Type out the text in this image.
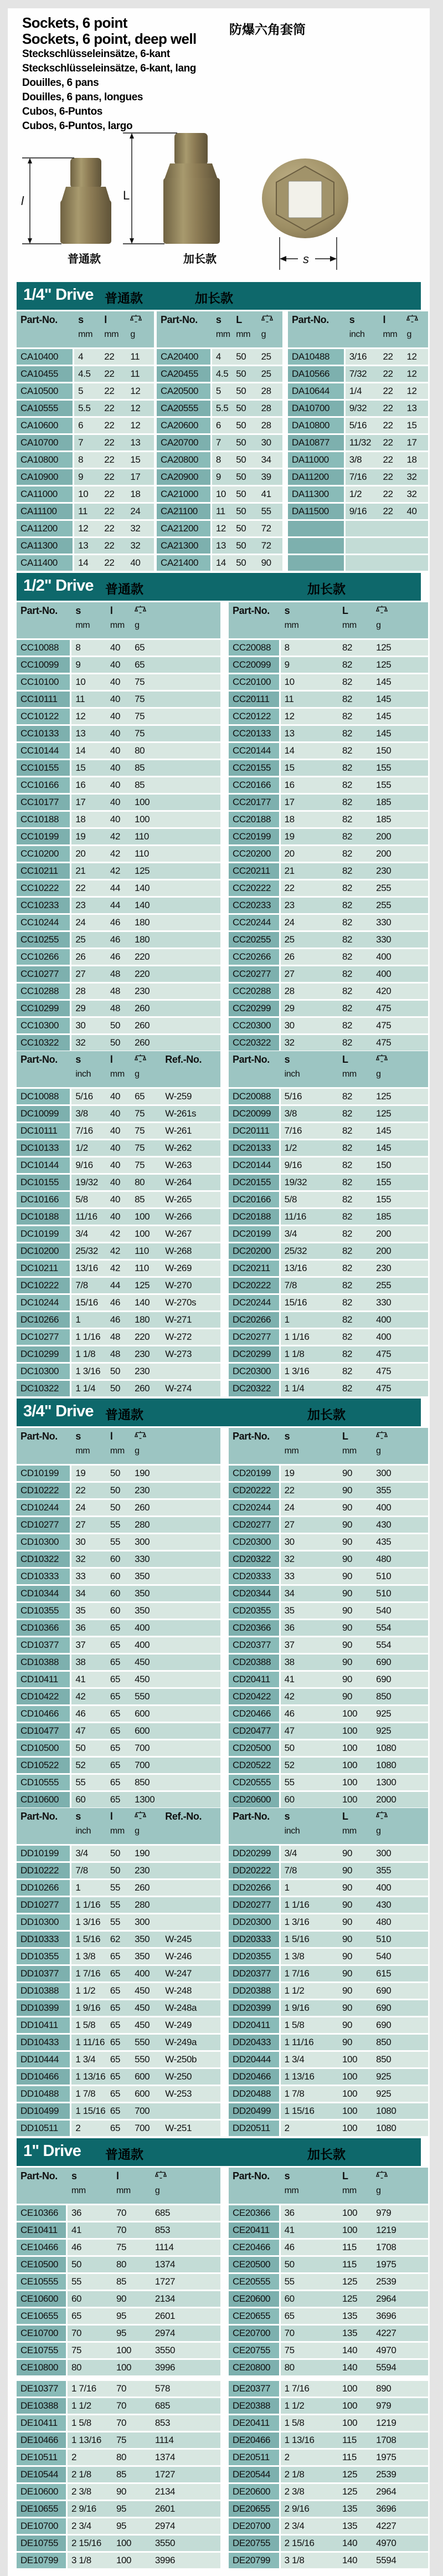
Sockets, 6 point
Sockets, 6 point, deep well
Steckschlüsseleinsätze, 6-kant
Steckschlüsseleinsätze, 6-kant, lang
Douilles, 6 pans
Douilles, 6 pans, longues
Cubos, 6-Puntos
Cubos, 6-Puntos, largo
防爆六角套筒
l	L
s
普通款	加长款
1/4" Drive 普通款	加长款
Part-No.	s
mm

l
mm	g

CA10400	4	22	11
CA10455	4.5	22	11
CA10500	5	22	12
CA10555	5.5	22	12
CA10600	6	22	12
CA10700	7	22	13
CA10800	8	22	15
CA10900	9	22	17
CA11000	10	22	18
CA11100	11	22	24
CA11200	12	22	32
CA11300	13	22	32
CA11400	14	22	40
Part-No.	s
mm

L
mm	g

CA20400	4	50	25
CA20455	4.5	50	25
CA20500	5	50	28
CA20555	5.5	50	28
CA20600	6	50	28
CA20700	7	50	30
CA20800	8	50	34
CA20900	9	50	39
CA21000	10	50	41
CA21100	11	50	55
CA21200	12	50	72
CA21300	13	50	72
CA21400	14	50	90
Part-No.	s
inch

l
mm	g

DA10488	3/16	22	12
DA10566	7/32	22	12
DA10644	1/4	22	12
DA10700	9/32	22	13
DA10800	5/16	22	15
DA10877	11/32	22	17
DA11000	3/8	22	18
DA11200	7/16	22	32
DA11300	1/2	22	32
DA11500	9/16	22	40

1/2" Drive 普通款	加长款
Part-No.	s
mm

l
mm	g

CC10088	8	40	65
CC10099	9	40	65
CC10100	10	40	75
CC10111	11	40	75
CC10122	12	40	75
CC10133	13	40	75
CC10144	14	40	80
CC10155	15	40	85
CC10166	16	40	85
CC10177	17	40	100
CC10188	18	40	100
CC10199	19	42	110
CC10200	20	42	110
CC10211	21	42	125
CC10222	22	44	140
CC10233	23	44	140
CC10244	24	46	180
CC10255	25	46	180
CC10266	26	46	220
CC10277	27	48	220
CC10288	28	48	230
CC10299	29	48	260
CC10300	30	50	260
CC10322	32	50	260
Part-No.	s
mm

L
mm	g

CC20088	8	82	125
CC20099	9	82	125
CC20100	10	82	145
CC20111	11	82	145
CC20122	12	82	145
CC20133	13	82	145
CC20144	14	82	150
CC20155	15	82	155
CC20166	16	82	155
CC20177	17	82	185
CC20188	18	82	185
CC20199	19	82	200
CC20200	20	82	200
CC20211	21	82	230
CC20222	22	82	255
CC20233	23	82	255
CC20244	24	82	330
CC20255	25	82	330
CC20266	26	82	400
CC20277	27	82	400
CC20288	28	82	420
CC20299	29	82	475
CC20300	30	82	475
CC20322	32	82	475
Part-No.	s
inch

l
mm	g

Ref.-No.

DC10088	5/16	40	65	W-259
DC10099	3/8	40	75	W-261s
DC10111	7/16	40	75	W-261
DC10133	1/2	40	75	W-262
DC10144	9/16	40	75	W-263
DC10155	19/32	40	80	W-264
DC10166	5/8	40	85	W-265
DC10188	11/16	40	100	W-266
DC10199	3/4	42	100	W-267
DC10200	25/32	42	110	W-268
DC10211	13/16	42	110	W-269
DC10222	7/8	44	125	W-270
DC10244	15/16	46	140	W-270s
DC10266	1	46	180	W-271
DC10277	1 1/16	48	220	W-272
DC10299	1 1/8	48	230	W-273
DC10300	1 3/16	50	230	
DC10322	1 1/4	50	260	W-274
Part-No.	s
inch

L
mm	g

DC20088	5/16	82	125
DC20099	3/8	82	125
DC20111	7/16	82	145
DC20133	1/2	82	145
DC20144	9/16	82	150
DC20155	19/32	82	155
DC20166	5/8	82	155
DC20188	11/16	82	185
DC20199	3/4	82	200
DC20200	25/32	82	200
DC20211	13/16	82	230
DC20222	7/8	82	255
DC20244	15/16	82	330
DC20266	1	82	400
DC20277	1 1/16	82	400
DC20299	1 1/8	82	475
DC20300	1 3/16	82	475
DC20322	1 1/4	82	475
3/4" Drive 普通款	加长款
Part-No.	s
mm

l
mm	g

CD10199	19	50	190
CD10222	22	50	230
CD10244	24	50	260
CD10277	27	55	280
CD10300	30	55	300
CD10322	32	60	330
CD10333	33	60	350
CD10344	34	60	350
CD10355	35	60	350
CD10366	36	65	400
CD10377	37	65	400
CD10388	38	65	450
CD10411	41	65	450
CD10422	42	65	550
CD10466	46	65	600
CD10477	47	65	600
CD10500	50	65	700
CD10522	52	65	700
CD10555	55	65	850
CD10600	60	65	1300
Part-No.	s
mm

L
mm	g

CD20199	19	90	300
CD20222	22	90	355
CD20244	24	90	400
CD20277	27	90	430
CD20300	30	90	435
CD20322	32	90	480
CD20333	33	90	510
CD20344	34	90	510
CD20355	35	90	540
CD20366	36	90	554
CD20377	37	90	554
CD20388	38	90	690
CD20411	41	90	690
CD20422	42	90	850
CD20466	46	100	925
CD20477	47	100	925
CD20500	50	100	1080
CD20522	52	100	1080
CD20555	55	100	1300
CD20600	60	100	2000
Part-No.	s
inch

l
mm	g

Ref.-No.

DD10199	3/4	50	190	
DD10222	7/8	50	230	
DD10266	1	55	260	
DD10277	1 1/16	55	280	
DD10300	1 3/16	55	300	
DD10333	1 5/16	62	350	W-245
DD10355	1 3/8	65	350	W-246
DD10377	1 7/16	65	400	W-247
DD10388	1 1/2	65	450	W-248
DD10399	1 9/16	65	450	W-248a
DD10411	1 5/8	65	450	W-249
DD10433	1 11/16	65	550	W-249a
DD10444	1 3/4	65	550	W-250b
DD10466	1 13/16	65	600	W-250
DD10488	1 7/8	65	600	W-253
DD10499	1 15/16	65	700	
DD10511	2	65	700	W-251
Part-No.	s
inch

L
mm	g

DD20299	3/4	90	300
DD20222	7/8	90	355
DD20266	1	90	400
DD20277	1 1/16	90	430
DD20300	1 3/16	90	480
DD20333	1 5/16	90	510
DD20355	1 3/8	90	540
DD20377	1 7/16	90	615
DD20388	1 1/2	90	690
DD20399	1 9/16	90	690
DD20411	1 5/8	90	690
DD20433	1 11/16	90	850
DD20444	1 3/4	100	850
DD20466	1 13/16	100	925
DD20488	1 7/8	100	925
DD20499	1 15/16	100	1080
DD20511	2	100	1080
1" Drive 普通款	加长款
Part-No.	s
mm

l
mm	g

CE10366	36	70	685
CE10411	41	70	853
CE10466	46	75	1114
CE10500	50	80	1374
CE10555	55	85	1727
CE10600	60	90	2134
CE10655	65	95	2601
CE10700	70	95	2974
CE10755	75	100	3550
CE10800	80	100	3996

DE10377	1 7/16	70	578
DE10388	1 1/2	70	685
DE10411	1 5/8	70	853
DE10466	1 13/16	75	1114
DE10511	2	80	1374
DE10544	2 1/8	85	1727
DE10600	2 3/8	90	2134
DE10655	2 9/16	95	2601
DE10700	2 3/4	95	2974
DE10755	2 15/16	100	3550
DE10799	3 1/8	100	3996
Part-No.	s
mm

L
mm	g

CE20366	36	100	979
CE20411	41	100	1219
CE20466	46	115	1708
CE20500	50	115	1975
CE20555	55	125	2539
CE20600	60	125	2964
CE20655	65	135	3696
CE20700	70	135	4227
CE20755	75	140	4970
CE20800	80	140	5594

DE20377	1 7/16	100	890
DE20388	1 1/2	100	979
DE20411	1 5/8	100	1219
DE20466	1 13/16	115	1708
DE20511	2	115	1975
DE20544	2 1/8	125	2539
DE20600	2 3/8	125	2964
DE20655	2 9/16	135	3696
DE20700	2 3/4	135	4227
DE20755	2 15/16	140	4970
DE20799	3 1/8	140	5594
